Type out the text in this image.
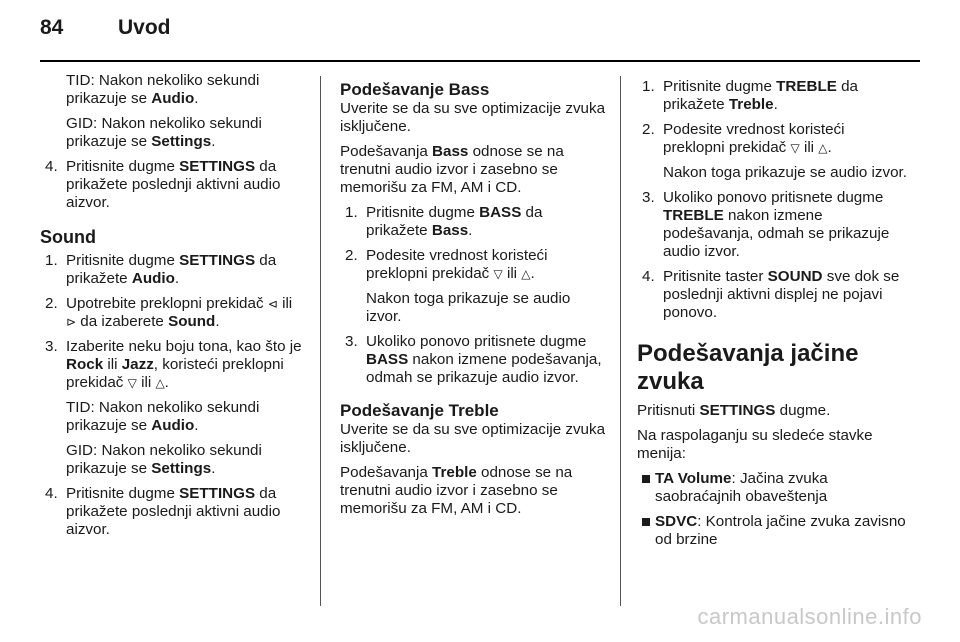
84	Uvod

TID: Nakon nekoliko sekundi prikazuje se Audio.

GID: Nakon nekoliko sekundi prikazuje se Settings.

4. Pritisnite dugme SETTINGS da prikažete poslednji aktivni audio aizvor.

Sound
1. Pritisnite dugme SETTINGS da prikažete Audio.

2. Upotrebite preklopni prekidač ⊲ ili ⊳ da izaberete Sound.

3. Izaberite neku boju tona, kao što je Rock ili Jazz, koristeći preklopni prekidač ▽ ili △.

TID: Nakon nekoliko sekundi prikazuje se Audio.

GID: Nakon nekoliko sekundi prikazuje se Settings.

4. Pritisnite dugme SETTINGS da prikažete poslednji aktivni audio aizvor.

Podešavanje Bass

Uverite se da su sve optimizacije zvuka isključene.

Podešavanja Bass odnose se na trenutni audio izvor i zasebno se memorišu za FM, AM i CD.

1. Pritisnite dugme BASS da prikažete Bass.

2. Podesite vrednost koristeći preklopni prekidač ▽ ili △.

Nakon toga prikazuje se audio izvor.

3. Ukoliko ponovo pritisnete dugme BASS nakon izmene podešavanja, odmah se prikazuje audio izvor.

Podešavanje Treble

Uverite se da su sve optimizacije zvuka isključene.

Podešavanja Treble odnose se na trenutni audio izvor i zasebno se memorišu za FM, AM i CD.

1. Pritisnite dugme TREBLE da prikažete Treble.

2. Podesite vrednost koristeći preklopni prekidač ▽ ili △.

Nakon toga prikazuje se audio izvor.

3. Ukoliko ponovo pritisnete dugme TREBLE nakon izmene podešavanja, odmah se prikazuje audio izvor.

4. Pritisnite taster SOUND sve dok se poslednji aktivni displej ne pojavi ponovo.

Podešavanja jačine zvuka

Pritisnuti SETTINGS dugme.

Na raspolaganju su sledeće stavke menija:

TA Volume: Jačina zvuka saobraćajnih obaveštenja
SDVC: Kontrola jačine zvuka zavisno od brzine
carmanualsonline.info
